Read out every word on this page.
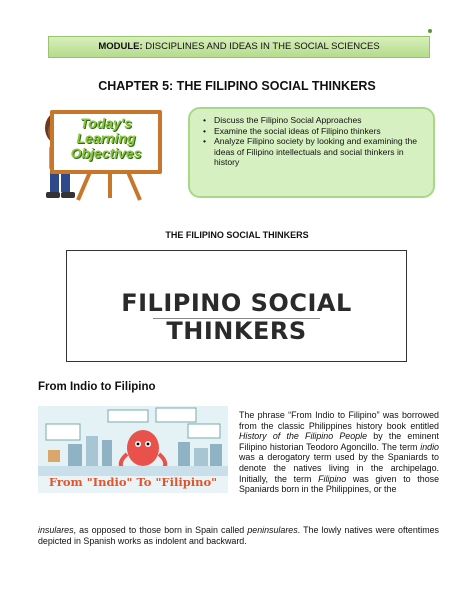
MODULE: DISCIPLINES AND IDEAS IN THE SOCIAL SCIENCES
CHAPTER 5: THE FILIPINO SOCIAL THINKERS
Today's
Learning
Objectives
• Discuss the Filipino Social Approaches
• Examine the social ideas of Filipino thinkers
• Analyze Filipino society by looking and examining the ideas of Filipino intellectuals and social thinkers in history
THE FILIPINO SOCIAL THINKERS
FILIPINO SOCIAL
THINKERS
From Indio to Filipino
From "Indio" To "Filipino"
The phrase “From Indio to Filipino” was borrowed from the classic Philippines history book entitled History of the Filipino People by the eminent Filipino historian Teodoro Agoncillo. The term indio was a derogatory term used by the Spaniards to denote the natives living in the archipelago. Initially, the term Filipino was given to those Spaniards born in the Philippines, or the
insulares, as opposed to those born in Spain called peninsulares. The lowly natives were oftentimes depicted in Spanish works as indolent and backward.
